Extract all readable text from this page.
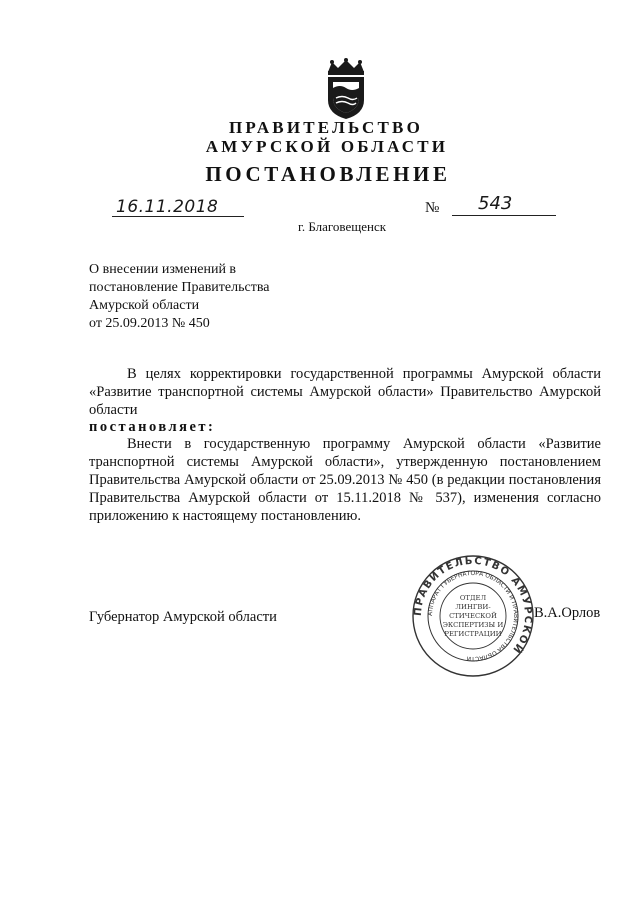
ПРАВИТЕЛЬСТВО
АМУРСКОЙ ОБЛАСТИ
ПОСТАНОВЛЕНИЕ
16.11.2018	№ 543
г. Благовещенск
О внесении изменений в
постановление Правительства
Амурской области
от 25.09.2013 № 450
В целях корректировки государственной программы Амурской области «Развитие транспортной системы Амурской области» Правительство Амурской области
постановляет:
Внести в государственную программу Амурской области «Развитие транспортной системы Амурской области», утвержденную постановлением Правительства Амурской области от 25.09.2013 № 450 (в редакции постановления Правительства Амурской области от 15.11.2018 № 537), изменения согласно приложению к настоящему постановлению.
Губернатор Амурской области	В.А.Орлов
ПРАВИТЕЛЬСТВО АМУРСКОЙ
АППАРАТ ГУБЕРНАТОРА ОБЛАСТИ И ПРАВИТЕЛЬСТВА ОБЛАСТИ
ОТДЕЛ
ЛИНГВИ-
СТИЧЕСКОЙ
ЭКСПЕРТИЗЫ И
РЕГИСТРАЦИИ
